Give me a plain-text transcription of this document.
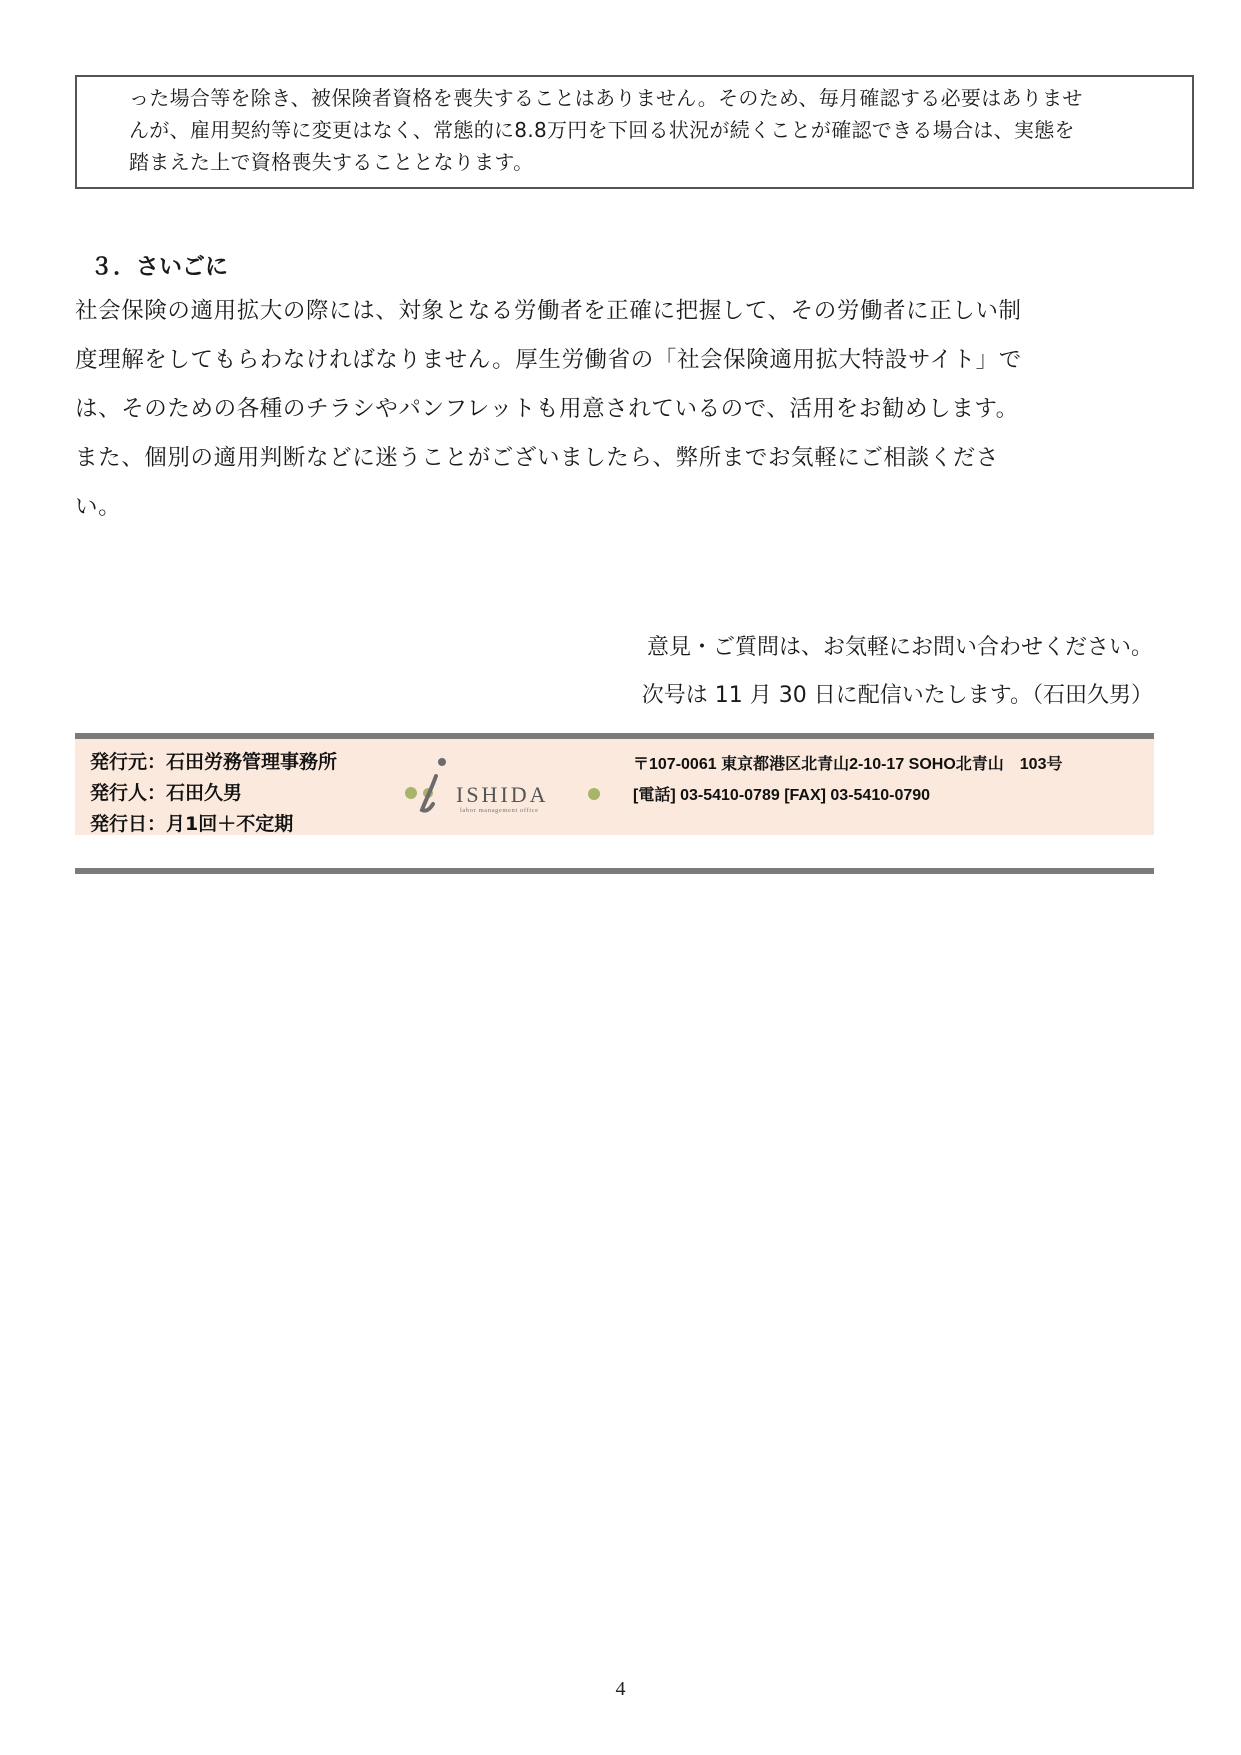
った場合等を除き、被保険者資格を喪失することはありません。そのため、毎月確認する必要はありませ
んが、雇用契約等に変更はなく、常態的に8.8万円を下回る状況が続くことが確認できる場合は、実態を
踏まえた上で資格喪失することとなります。
３．さいごに
社会保険の適用拡大の際には、対象となる労働者を正確に把握して、その労働者に正しい制
度理解をしてもらわなければなりません。厚生労働省の「社会保険適用拡大特設サイト」で
は、そのための各種のチラシやパンフレットも用意されているので、活用をお勧めします。
また、個別の適用判断などに迷うことがございましたら、弊所までお気軽にご相談くださ
い。
意見・ご質問は、お気軽にお問い合わせください。
次号は 11 月 30 日に配信いたします。（石田久男）
発行元：石田労務管理事務所
発行人：石田久男
発行日：月1回＋不定期
ISHIDA
labor management office
〒107-0061 東京都港区北青山2-10-17 SOHO北青山　103号
[電話] 03-5410-0789 [FAX] 03-5410-0790
4
